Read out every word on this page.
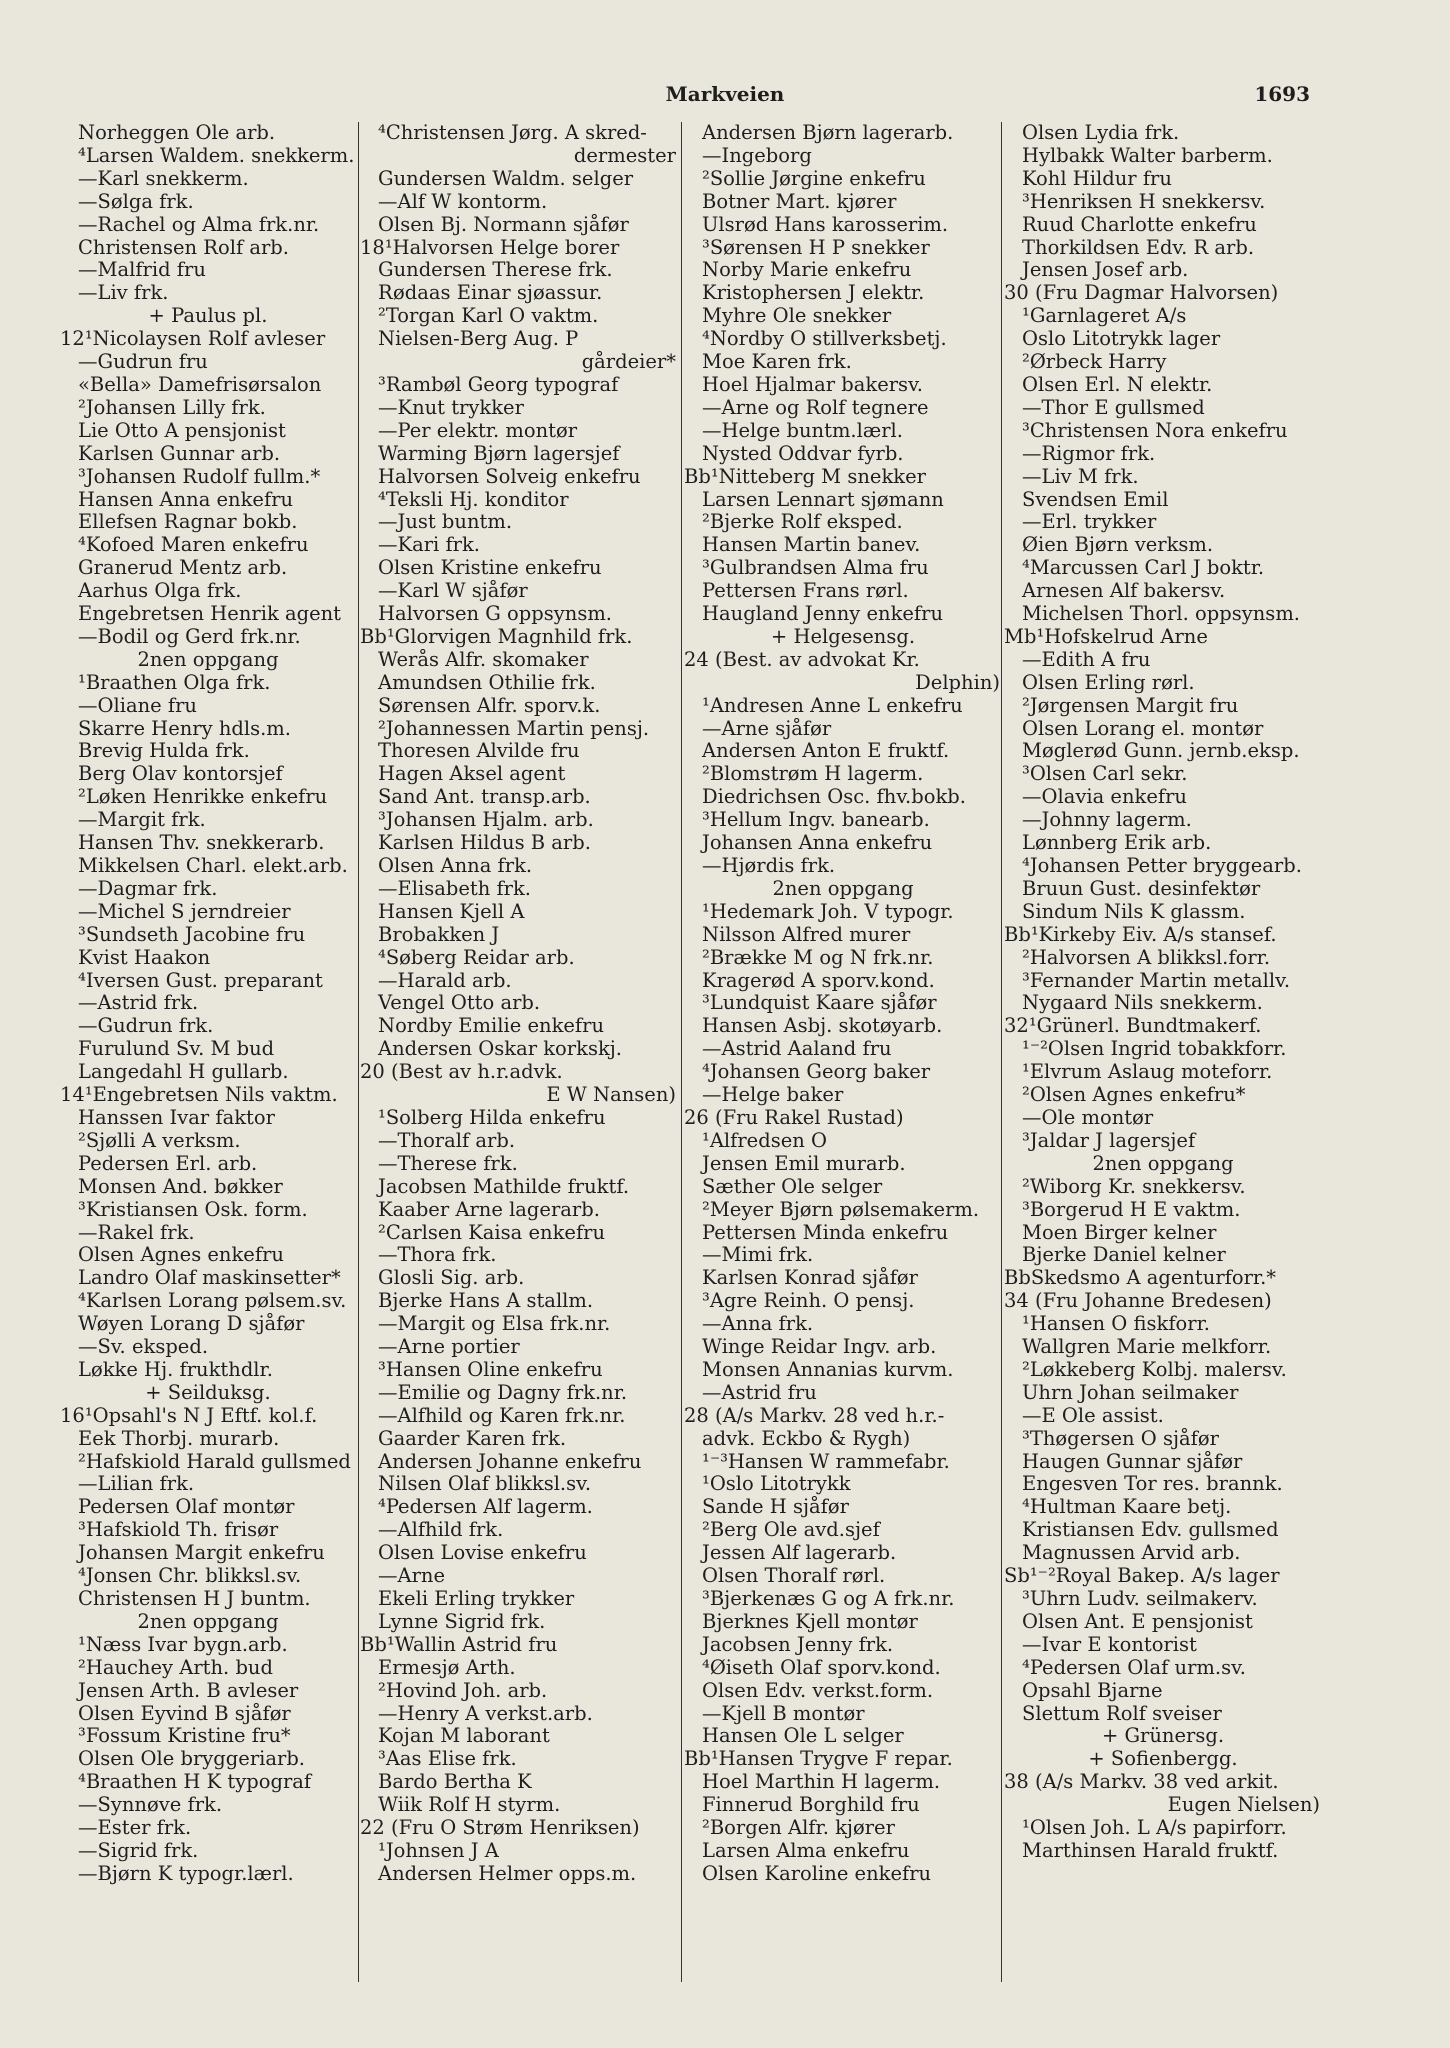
Markveien	1693
Norheggen Ole arb.
⁴Larsen Waldem. snekkerm.
—Karl snekkerm.
—Sølga frk.
—Rachel og Alma frk.nr.
Christensen Rolf arb.
—Malfrid fru
—Liv frk.
+ Paulus pl.
12¹Nicolaysen Rolf avleser
—Gudrun fru
«Bella» Damefrisørsalon
²Johansen Lilly frk.
Lie Otto A pensjonist
Karlsen Gunnar arb.
³Johansen Rudolf fullm.*
Hansen Anna enkefru
Ellefsen Ragnar bokb.
⁴Kofoed Maren enkefru
Granerud Mentz arb.
Aarhus Olga frk.
Engebretsen Henrik agent
—Bodil og Gerd frk.nr.
2nen oppgang
¹Braathen Olga frk.
—Oliane fru
Skarre Henry hdls.m.
Brevig Hulda frk.
Berg Olav kontorsjef
²Løken Henrikke enkefru
—Margit frk.
Hansen Thv. snekkerarb.
Mikkelsen Charl. elekt.arb.
—Dagmar frk.
—Michel S jerndreier
³Sundseth Jacobine fru
Kvist Haakon
⁴Iversen Gust. preparant
—Astrid frk.
—Gudrun frk.
Furulund Sv. M bud
Langedahl H gullarb.
14¹Engebretsen Nils vaktm.
Hanssen Ivar faktor
²Sjølli A verksm.
Pedersen Erl. arb.
Monsen And. bøkker
³Kristiansen Osk. form.
—Rakel frk.
Olsen Agnes enkefru
Landro Olaf maskinsetter*
⁴Karlsen Lorang pølsem.sv.
Wøyen Lorang D sjåfør
—Sv. eksped.
Løkke Hj. frukthdlr.
+ Seilduksg.
16¹Opsahl's N J Eftf. kol.f.
Eek Thorbj. murarb.
²Hafskiold Harald gullsmed
—Lilian frk.
Pedersen Olaf montør
³Hafskiold Th. frisør
Johansen Margit enkefru
⁴Jonsen Chr. blikksl.sv.
Christensen H J buntm.
2nen oppgang
¹Næss Ivar bygn.arb.
²Hauchey Arth. bud
Jensen Arth. B avleser
Olsen Eyvind B sjåfør
³Fossum Kristine fru*
Olsen Ole bryggeriarb.
⁴Braathen H K typograf
—Synnøve frk.
—Ester frk.
—Sigrid frk.
—Bjørn K typogr.lærl.
⁴Christensen Jørg. A skred-
dermester
Gundersen Waldm. selger
—Alf W kontorm.
Olsen Bj. Normann sjåfør
18¹Halvorsen Helge borer
Gundersen Therese frk.
Rødaas Einar sjøassur.
²Torgan Karl O vaktm.
Nielsen-Berg Aug. P
gårdeier*
³Rambøl Georg typograf
—Knut trykker
—Per elektr. montør
Warming Bjørn lagersjef
Halvorsen Solveig enkefru
⁴Teksli Hj. konditor
—Just buntm.
—Kari frk.
Olsen Kristine enkefru
—Karl W sjåfør
Halvorsen G oppsynsm.
Bb¹Glorvigen Magnhild frk.
Werås Alfr. skomaker
Amundsen Othilie frk.
Sørensen Alfr. sporv.k.
²Johannessen Martin pensj.
Thoresen Alvilde fru
Hagen Aksel agent
Sand Ant. transp.arb.
³Johansen Hjalm. arb.
Karlsen Hildus B arb.
Olsen Anna frk.
—Elisabeth frk.
Hansen Kjell A
Brobakken J
⁴Søberg Reidar arb.
—Harald arb.
Vengel Otto arb.
Nordby Emilie enkefru
Andersen Oskar korkskj.
20 (Best av h.r.advk.
E W Nansen)
¹Solberg Hilda enkefru
—Thoralf arb.
—Therese frk.
Jacobsen Mathilde fruktf.
Kaaber Arne lagerarb.
²Carlsen Kaisa enkefru
—Thora frk.
Glosli Sig. arb.
Bjerke Hans A stallm.
—Margit og Elsa frk.nr.
—Arne portier
³Hansen Oline enkefru
—Emilie og Dagny frk.nr.
—Alfhild og Karen frk.nr.
Gaarder Karen frk.
Andersen Johanne enkefru
Nilsen Olaf blikksl.sv.
⁴Pedersen Alf lagerm.
—Alfhild frk.
Olsen Lovise enkefru
—Arne
Ekeli Erling trykker
Lynne Sigrid frk.
Bb¹Wallin Astrid fru
Ermesjø Arth.
²Hovind Joh. arb.
—Henry A verkst.arb.
Kojan M laborant
³Aas Elise frk.
Bardo Bertha K
Wiik Rolf H styrm.
22 (Fru O Strøm Henriksen)
¹Johnsen J A
Andersen Helmer opps.m.
Andersen Bjørn lagerarb.
—Ingeborg
²Sollie Jørgine enkefru
Botner Mart. kjører
Ulsrød Hans karosserim.
³Sørensen H P snekker
Norby Marie enkefru
Kristophersen J elektr.
Myhre Ole snekker
⁴Nordby O stillverksbetj.
Moe Karen frk.
Hoel Hjalmar bakersv.
—Arne og Rolf tegnere
—Helge buntm.lærl.
Nysted Oddvar fyrb.
Bb¹Nitteberg M snekker
Larsen Lennart sjømann
²Bjerke Rolf eksped.
Hansen Martin banev.
³Gulbrandsen Alma fru
Pettersen Frans rørl.
Haugland Jenny enkefru
+ Helgesensg.
24 (Best. av advokat Kr.
Delphin)
¹Andresen Anne L enkefru
—Arne sjåfør
Andersen Anton E fruktf.
²Blomstrøm H lagerm.
Diedrichsen Osc. fhv.bokb.
³Hellum Ingv. banearb.
Johansen Anna enkefru
—Hjørdis frk.
2nen oppgang
¹Hedemark Joh. V typogr.
Nilsson Alfred murer
²Brække M og N frk.nr.
Kragerød A sporv.kond.
³Lundquist Kaare sjåfør
Hansen Asbj. skotøyarb.
—Astrid Aaland fru
⁴Johansen Georg baker
—Helge baker
26 (Fru Rakel Rustad)
¹Alfredsen O
Jensen Emil murarb.
Sæther Ole selger
²Meyer Bjørn pølsemakerm.
Pettersen Minda enkefru
—Mimi frk.
Karlsen Konrad sjåfør
³Agre Reinh. O pensj.
—Anna frk.
Winge Reidar Ingv. arb.
Monsen Annanias kurvm.
—Astrid fru
28 (A/s Markv. 28 ved h.r.-
advk. Eckbo & Rygh)
¹⁻³Hansen W rammefabr.
¹Oslo Litotrykk
Sande H sjåfør
²Berg Ole avd.sjef
Jessen Alf lagerarb.
Olsen Thoralf rørl.
³Bjerkenæs G og A frk.nr.
Bjerknes Kjell montør
Jacobsen Jenny frk.
⁴Øiseth Olaf sporv.kond.
Olsen Edv. verkst.form.
—Kjell B montør
Hansen Ole L selger
Bb¹Hansen Trygve F repar.
Hoel Marthin H lagerm.
Finnerud Borghild fru
²Borgen Alfr. kjører
Larsen Alma enkefru
Olsen Karoline enkefru
Olsen Lydia frk.
Hylbakk Walter barberm.
Kohl Hildur fru
³Henriksen H snekkersv.
Ruud Charlotte enkefru
Thorkildsen Edv. R arb.
Jensen Josef arb.
30 (Fru Dagmar Halvorsen)
¹Garnlageret A/s
Oslo Litotrykk lager
²Ørbeck Harry
Olsen Erl. N elektr.
—Thor E gullsmed
³Christensen Nora enkefru
—Rigmor frk.
—Liv M frk.
Svendsen Emil
—Erl. trykker
Øien Bjørn verksm.
⁴Marcussen Carl J boktr.
Arnesen Alf bakersv.
Michelsen Thorl. oppsynsm.
Mb¹Hofskelrud Arne
—Edith A fru
Olsen Erling rørl.
²Jørgensen Margit fru
Olsen Lorang el. montør
Møglerød Gunn. jernb.eksp.
³Olsen Carl sekr.
—Olavia enkefru
—Johnny lagerm.
Lønnberg Erik arb.
⁴Johansen Petter bryggearb.
Bruun Gust. desinfektør
Sindum Nils K glassm.
Bb¹Kirkeby Eiv. A/s stansef.
²Halvorsen A blikksl.forr.
³Fernander Martin metallv.
Nygaard Nils snekkerm.
32¹Grünerl. Bundtmakerf.
¹⁻²Olsen Ingrid tobakkforr.
¹Elvrum Aslaug moteforr.
²Olsen Agnes enkefru*
—Ole montør
³Jaldar J lagersjef
2nen oppgang
²Wiborg Kr. snekkersv.
³Borgerud H E vaktm.
Moen Birger kelner
Bjerke Daniel kelner
BbSkedsmo A agenturforr.*
34 (Fru Johanne Bredesen)
¹Hansen O fiskforr.
Wallgren Marie melkforr.
²Løkkeberg Kolbj. malersv.
Uhrn Johan seilmaker
—E Ole assist.
³Thøgersen O sjåfør
Haugen Gunnar sjåfør
Engesven Tor res. brannk.
⁴Hultman Kaare betj.
Kristiansen Edv. gullsmed
Magnussen Arvid arb.
Sb¹⁻²Royal Bakep. A/s lager
³Uhrn Ludv. seilmakerv.
Olsen Ant. E pensjonist
—Ivar E kontorist
⁴Pedersen Olaf urm.sv.
Opsahl Bjarne
Slettum Rolf sveiser
+ Grünersg.
+ Sofienbergg.
38 (A/s Markv. 38 ved arkit.
Eugen Nielsen)
¹Olsen Joh. L A/s papirforr.
Marthinsen Harald fruktf.
